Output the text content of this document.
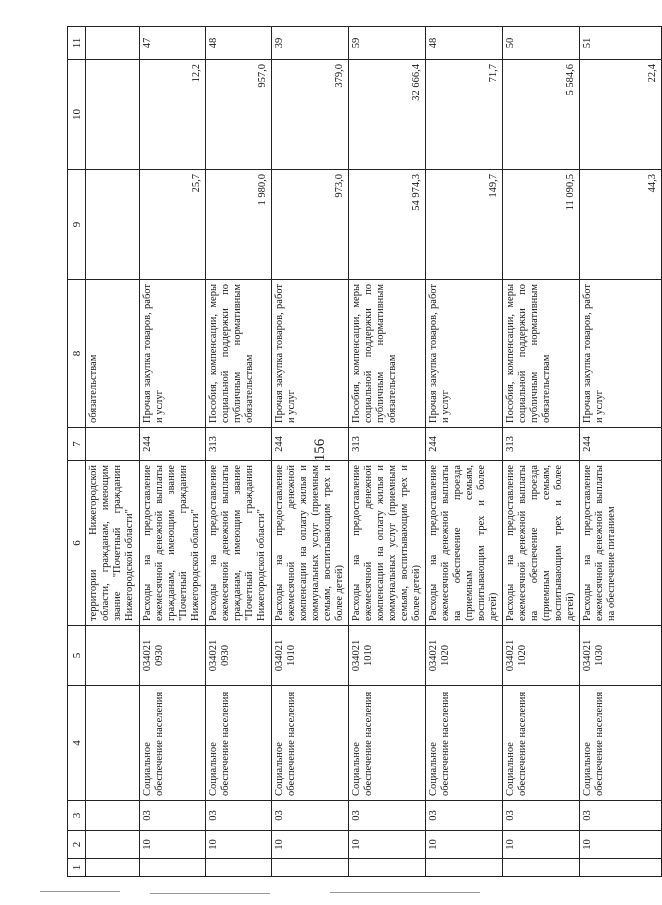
156
1	2	3	4	5	6	7	8	9	10	11
					территории Нижегородской области, гражданам, имеющим звание "Почетный гражданин Нижегородской области"		обязательствам			
	10	03	Социальное обеспечение населения	034021 0930	Расходы на предоставление ежемесячной денежной выплаты гражданам, имеющим звание "Почетный гражданин Нижегородской области"	244	Прочая закупка товаров, работ и услуг	25,7	12,2	47
	10	03	Социальное обеспечение населения	034021 0930	Расходы на предоставление ежемесячной денежной выплаты гражданам, имеющим звание "Почетный гражданин Нижегородской области"	313	Пособия, компенсации, меры социальной поддержки по публичным нормативным обязательствам	1 980,0	957,0	48
	10	03	Социальное обеспечение населения	034021 1010	Расходы на предоставление ежемесячной денежной компенсации на оплату жилья и коммунальных услуг (приемным семьям, воспитывающим трех и более детей)	244	Прочая закупка товаров, работ и услуг	973,0	379,0	39
	10	03	Социальное обеспечение населения	034021 1010	Расходы на предоставление ежемесячной денежной компенсации на оплату жилья и коммунальных услуг (приемным семьям, воспитывающим трех и более детей)	313	Пособия, компенсации, меры социальной поддержки по публичным нормативным обязательствам	54 974,3	32 666,4	59
	10	03	Социальное обеспечение населения	034021 1020	Расходы на предоставление ежемесячной денежной выплаты на обеспечение проезда (приемным семьям, воспитывающим трех и более детей)	244	Прочая закупка товаров, работ и услуг	149,7	71,7	48
	10	03	Социальное обеспечение населения	034021 1020	Расходы на предоставление ежемесячной денежной выплаты на обеспечение проезда (приемным семьям, воспитывающим трех и более детей)	313	Пособия, компенсации, меры социальной поддержки по публичным нормативным обязательствам	11 090,5	5 584,6	50
	10	03	Социальное обеспечение населения	034021 1030	Расходы на предоставление ежемесячной денежной выплаты на обеспечение питанием	244	Прочая закупка товаров, работ и услуг	44,3	22,4	51
